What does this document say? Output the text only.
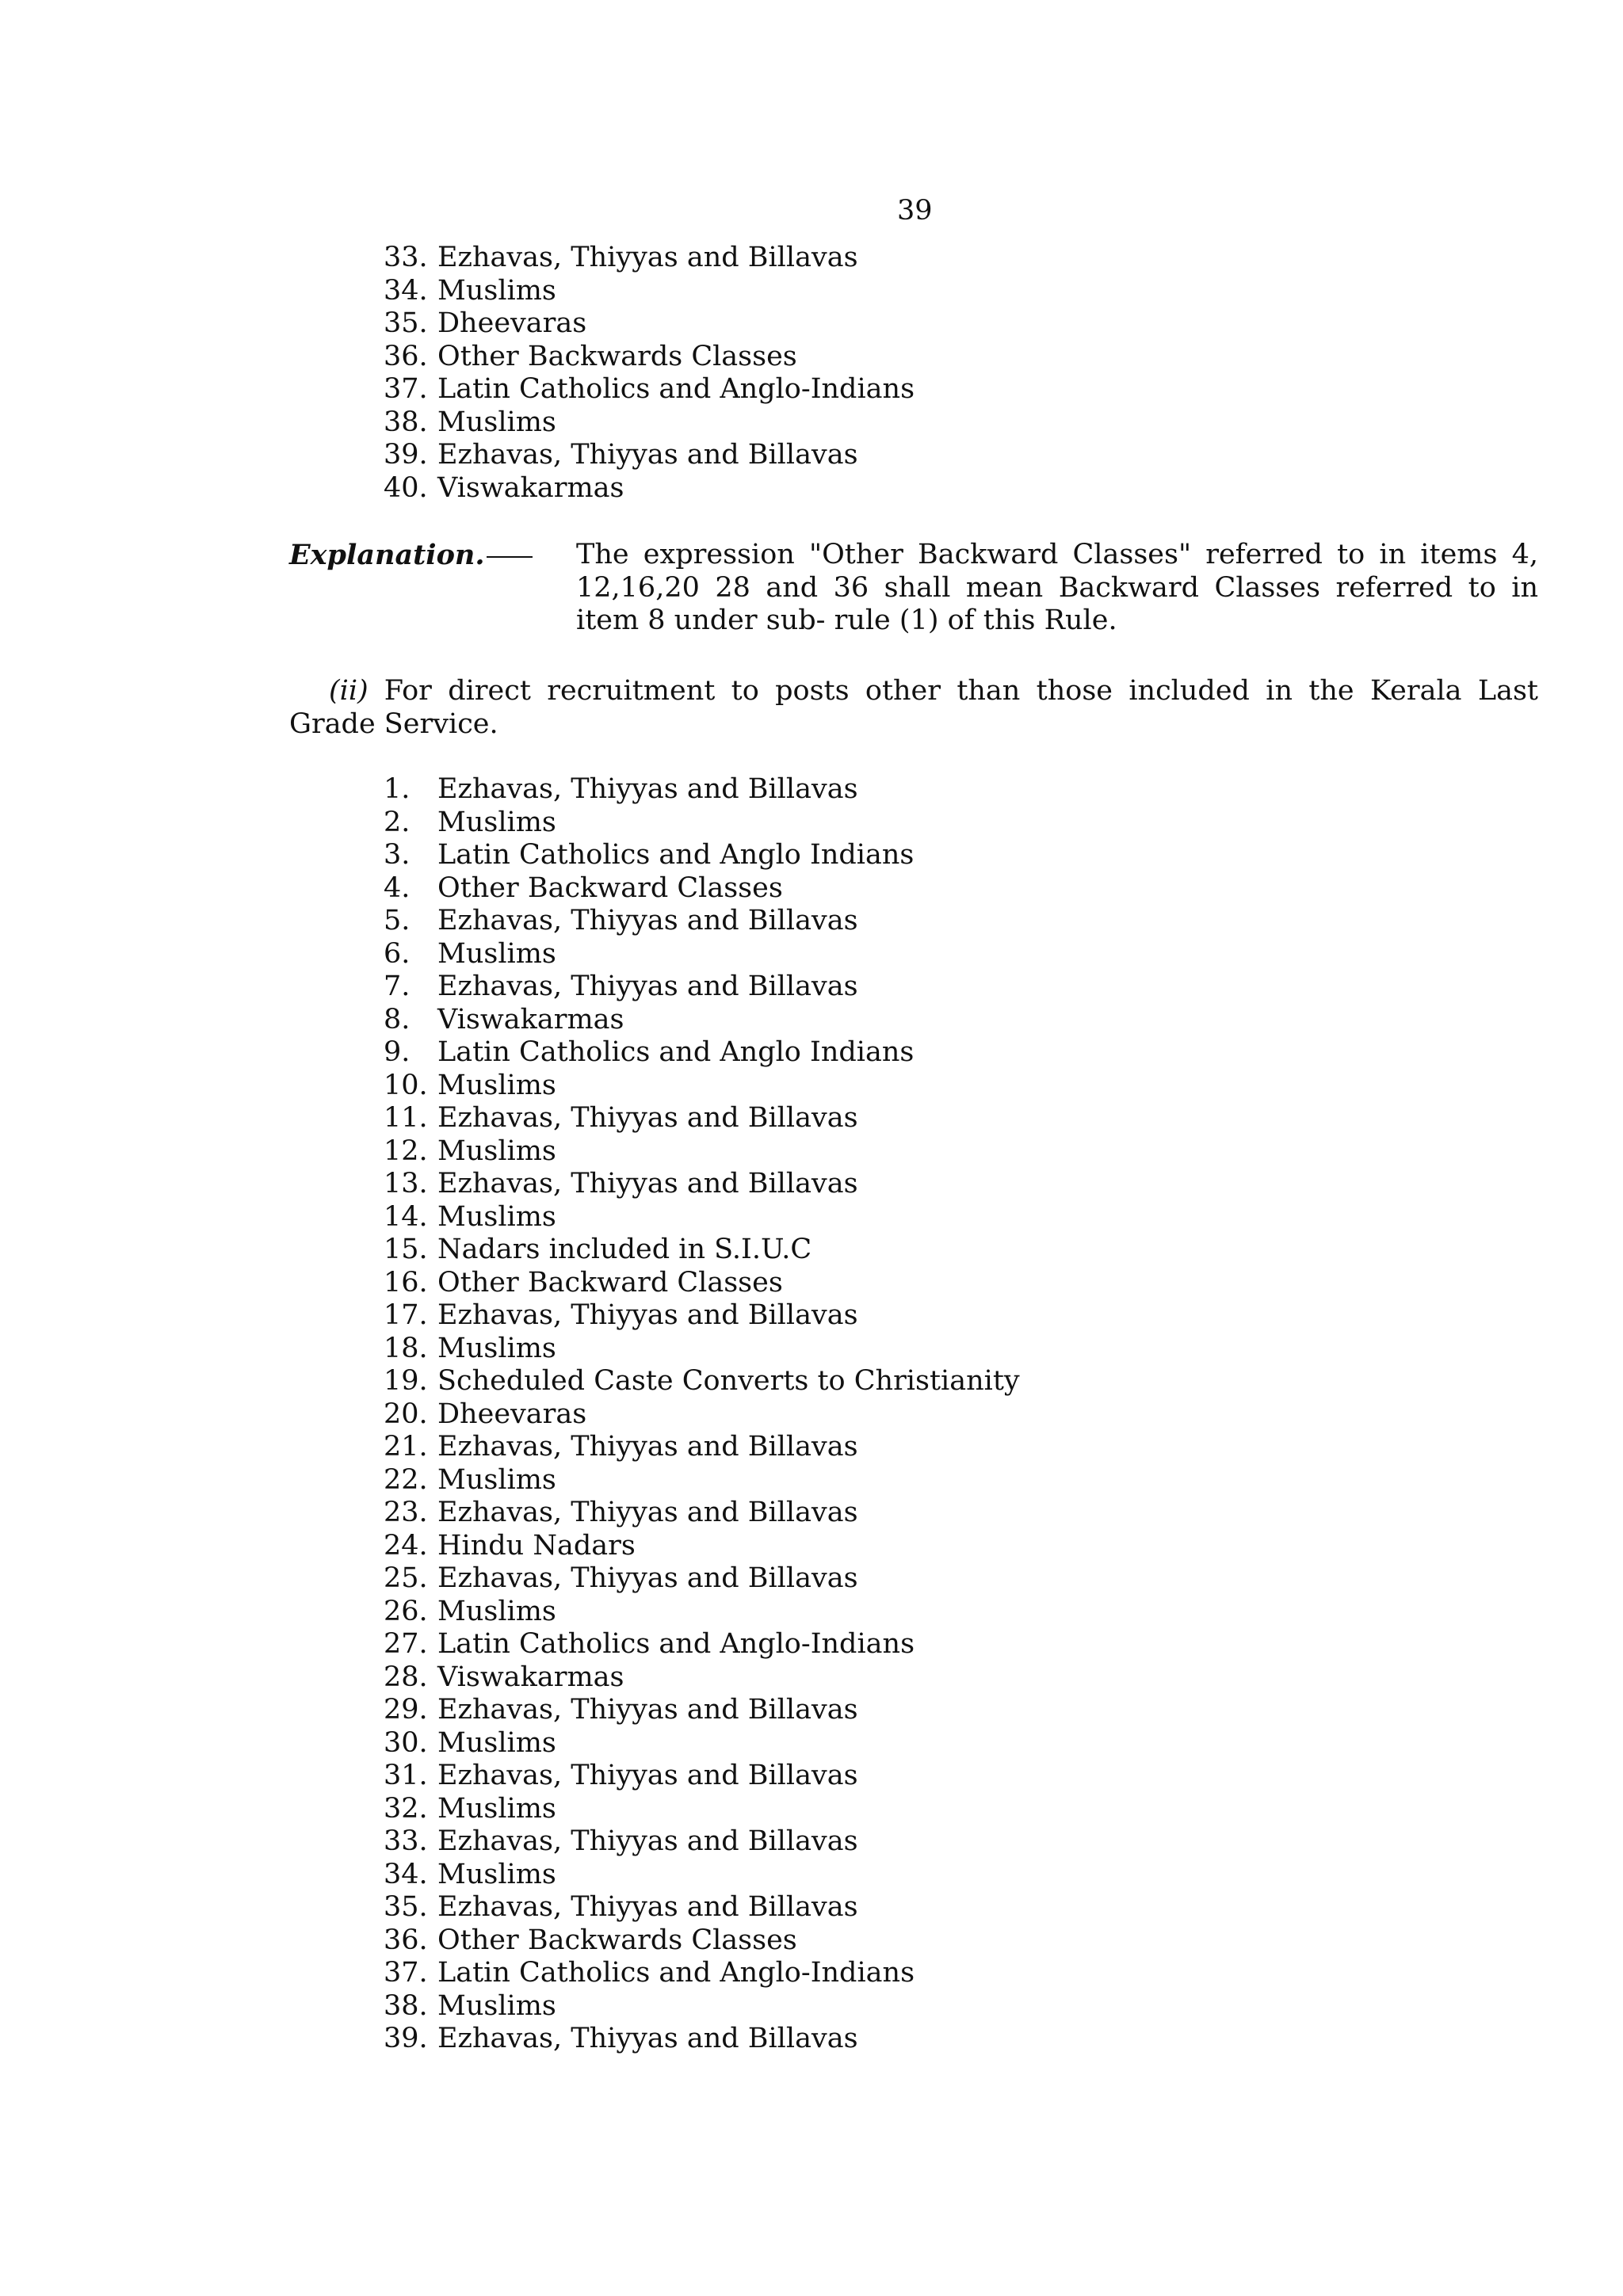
39
33. Ezhavas, Thiyyas and Billavas
34. Muslims
35. Dheevaras
36. Other Backwards Classes
37. Latin Catholics and Anglo-Indians
38. Muslims
39. Ezhavas, Thiyyas and Billavas
40. Viswakarmas
Explanation.	The expression "Other Backward Classes" referred to in items 4, 12,16,20 28 and 36 shall mean Backward Classes referred to in item 8 under sub- rule (1) of this Rule.
(ii) For direct recruitment to posts other than those included in the Kerala Last Grade Service.
1. Ezhavas, Thiyyas and Billavas
2. Muslims
3. Latin Catholics and Anglo Indians
4. Other Backward Classes
5. Ezhavas, Thiyyas and Billavas
6. Muslims
7. Ezhavas, Thiyyas and Billavas
8. Viswakarmas
9. Latin Catholics and Anglo Indians
10. Muslims
11. Ezhavas, Thiyyas and Billavas
12. Muslims
13. Ezhavas, Thiyyas and Billavas
14. Muslims
15. Nadars included in S.I.U.C
16. Other Backward Classes
17. Ezhavas, Thiyyas and Billavas
18. Muslims
19. Scheduled Caste Converts to Christianity
20. Dheevaras
21. Ezhavas, Thiyyas and Billavas
22. Muslims
23. Ezhavas, Thiyyas and Billavas
24. Hindu Nadars
25. Ezhavas, Thiyyas and Billavas
26. Muslims
27. Latin Catholics and Anglo-Indians
28. Viswakarmas
29. Ezhavas, Thiyyas and Billavas
30. Muslims
31. Ezhavas, Thiyyas and Billavas
32. Muslims
33. Ezhavas, Thiyyas and Billavas
34. Muslims
35. Ezhavas, Thiyyas and Billavas
36. Other Backwards Classes
37. Latin Catholics and Anglo-Indians
38. Muslims
39. Ezhavas, Thiyyas and Billavas
